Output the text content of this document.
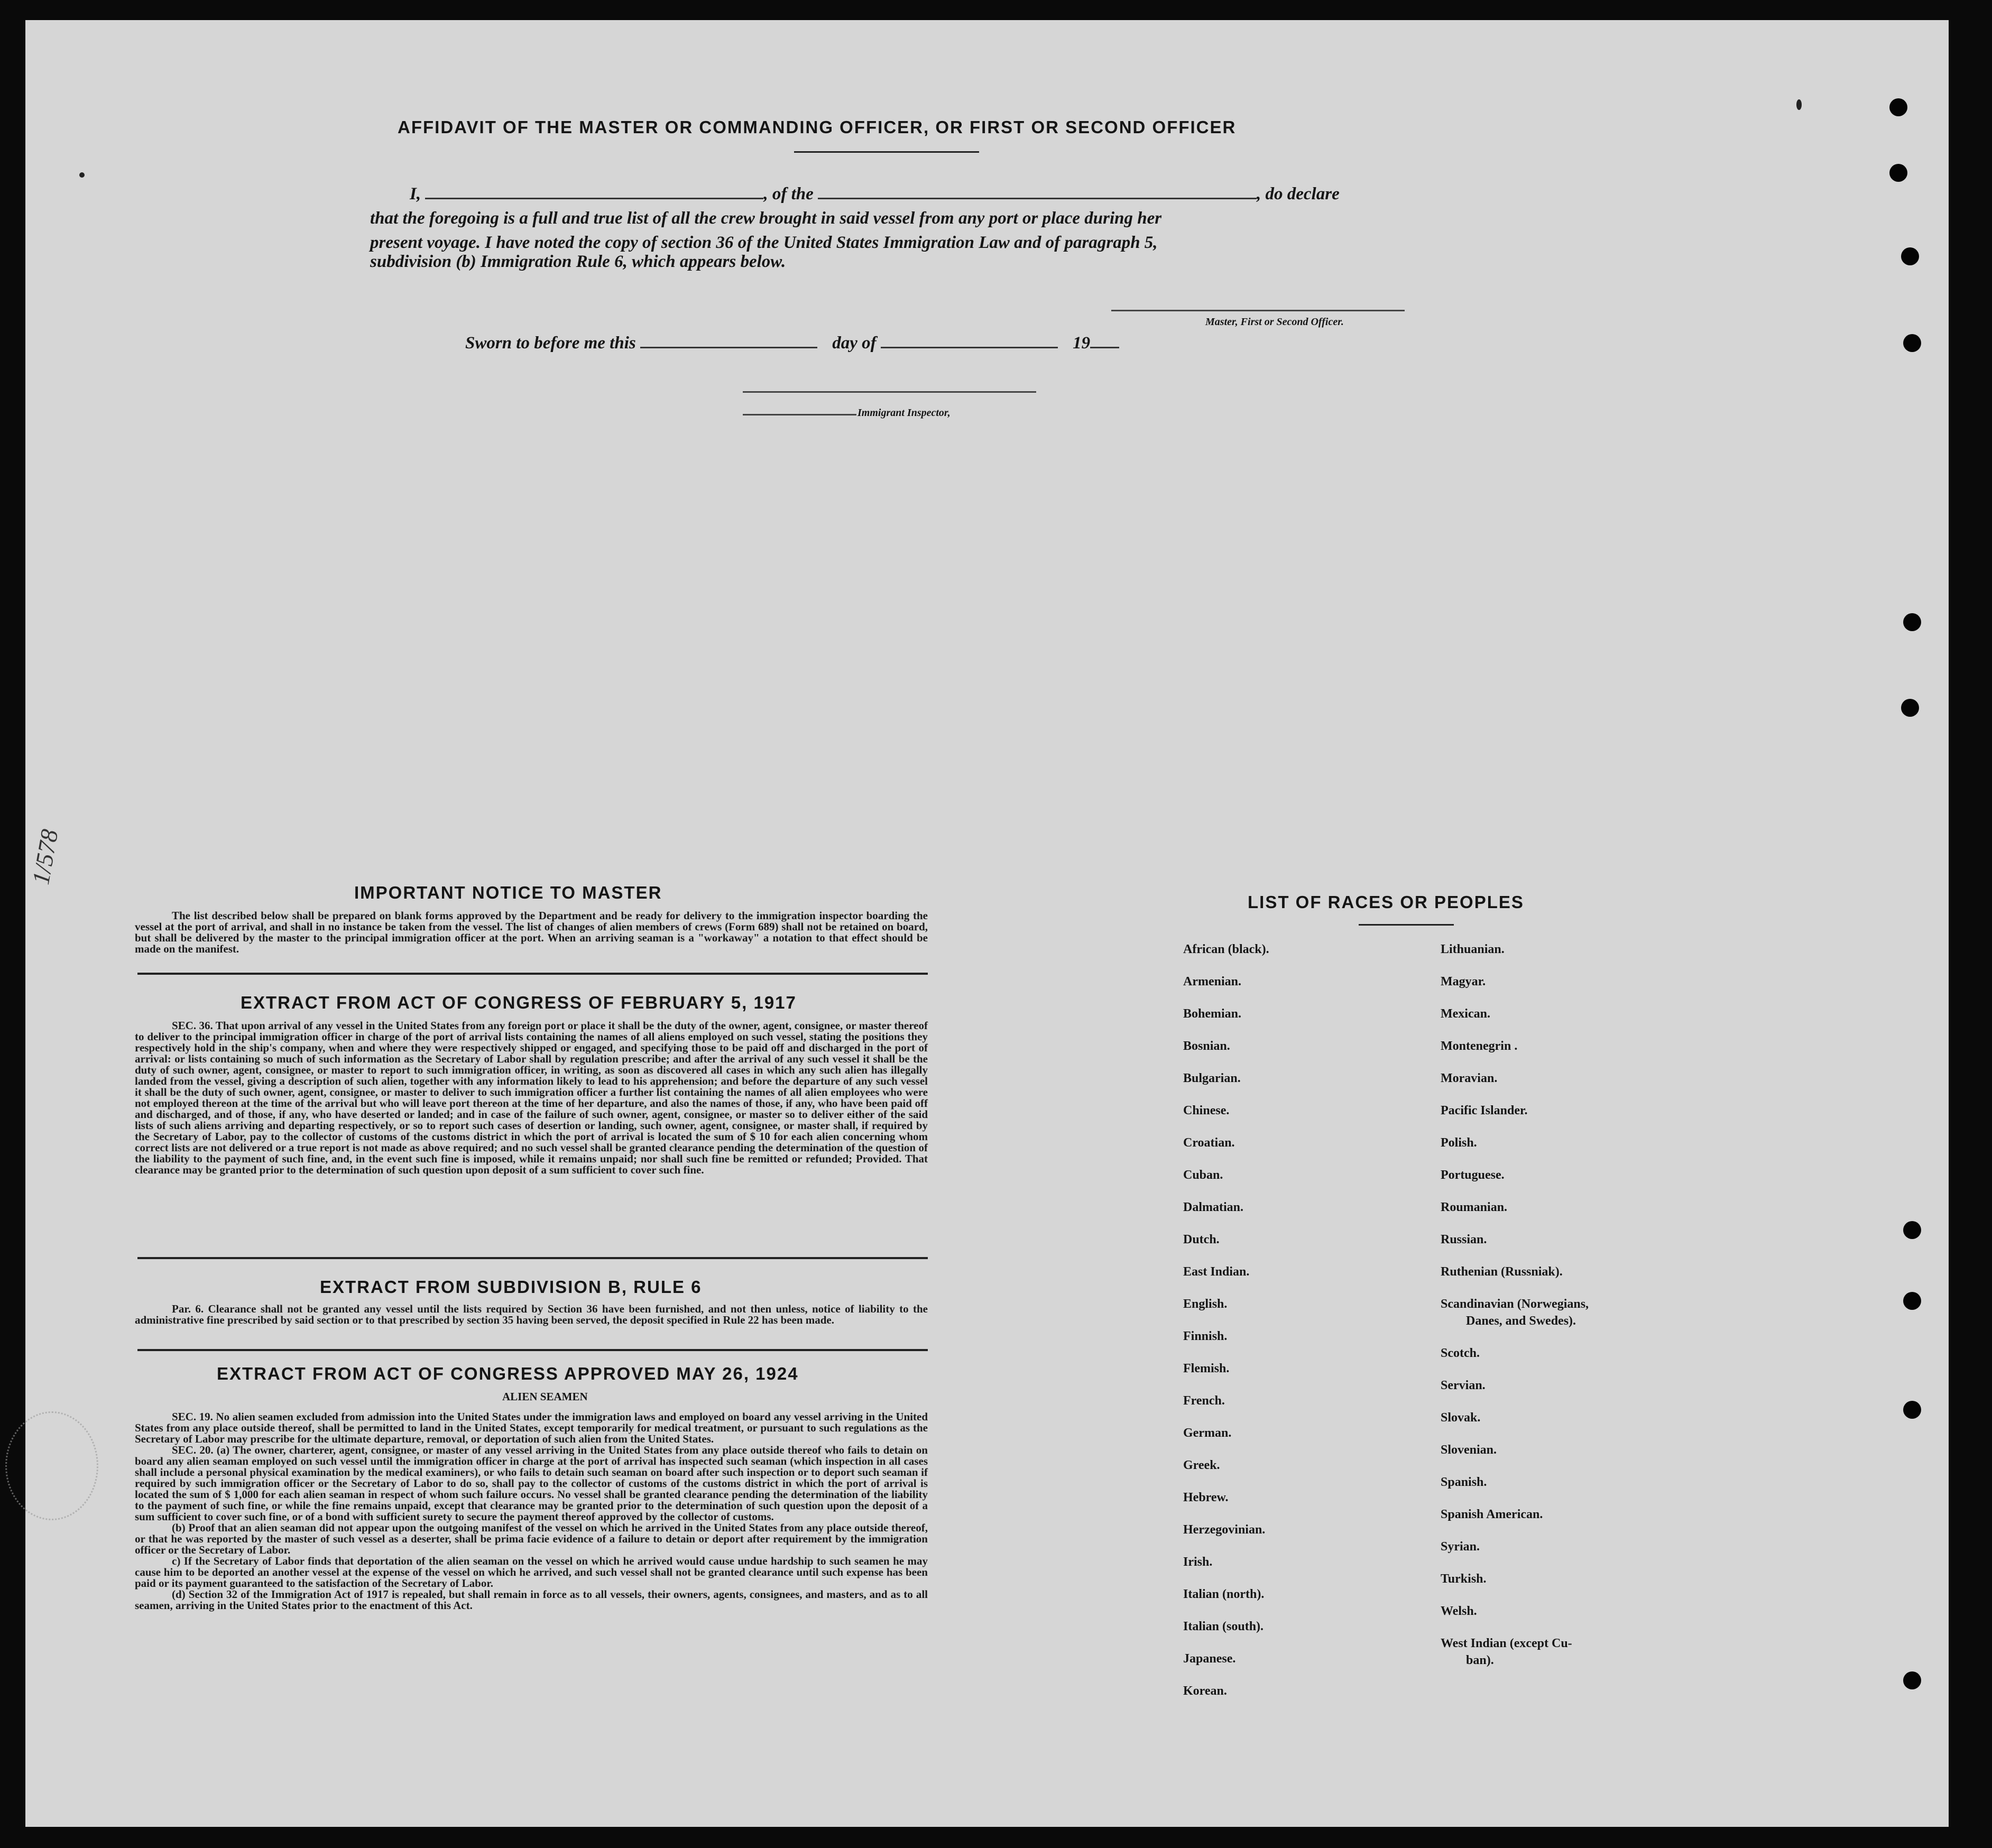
AFFIDAVIT OF THE MASTER OR COMMANDING OFFICER, OR FIRST OR SECOND OFFICER
I,	, of the	, do declare
that the foregoing is a full and true list of all the crew brought in said vessel from any port or place during her
present voyage. I have noted the copy of section 36 of the United States Immigration Law and of paragraph 5,
subdivision (b) Immigration Rule 6, which appears below.
Master, First or Second Officer.
Sworn to before me this	day of	19
Immigrant Inspector,
IMPORTANT NOTICE TO MASTER

The list described below shall be prepared on blank forms approved by the Department and be ready for delivery to the immigration inspector boarding the vessel at the port of arrival, and shall in no instance be taken from the vessel. The list of changes of alien members of crews (Form 689) shall not be retained on board, but shall be delivered by the master to the principal immigration officer at the port. When an arriving seaman is a "workaway" a notation to that effect should be made on the manifest.

EXTRACT FROM ACT OF CONGRESS OF FEBRUARY 5, 1917

SEC. 36. That upon arrival of any vessel in the United States from any foreign port or place it shall be the duty of the owner, agent, consignee, or master thereof to deliver to the principal immigration officer in charge of the port of arrival lists containing the names of all aliens employed on such vessel, stating the positions they respectively hold in the ship's company, when and where they were respectively shipped or engaged, and specifying those to be paid off and discharged in the port of arrival: or lists containing so much of such information as the Secretary of Labor shall by regulation prescribe; and after the arrival of any such vessel it shall be the duty of such owner, agent, consignee, or master to report to such immigration officer, in writing, as soon as discovered all cases in which any such alien has illegally landed from the vessel, giving a description of such alien, together with any information likely to lead to his apprehension; and before the departure of any such vessel it shall be the duty of such owner, agent, consignee, or master to deliver to such immigration officer a further list containing the names of all alien employees who were not employed thereon at the time of the arrival but who will leave port thereon at the time of her departure, and also the names of those, if any, who have been paid off and discharged, and of those, if any, who have deserted or landed; and in case of the failure of such owner, agent, consignee, or master so to deliver either of the said lists of such aliens arriving and departing respectively, or so to report such cases of desertion or landing, such owner, agent, consignee, or master shall, if required by the Secretary of Labor, pay to the collector of customs of the customs district in which the port of arrival is located the sum of $ 10 for each alien concerning whom correct lists are not delivered or a true report is not made as above required; and no such vessel shall be granted clearance pending the determination of the question of the liability to the payment of such fine, and, in the event such fine is imposed, while it remains unpaid; nor shall such fine be remitted or refunded; Provided. That clearance may be granted prior to the determination of such question upon deposit of a sum sufficient to cover such fine.

EXTRACT FROM SUBDIVISION B, RULE 6

Par. 6. Clearance shall not be granted any vessel until the lists required by Section 36 have been furnished, and not then unless, notice of liability to the administrative fine prescribed by said section or to that prescribed by section 35 having been served, the deposit specified in Rule 22 has been made.

EXTRACT FROM ACT OF CONGRESS APPROVED MAY 26, 1924
ALIEN SEAMEN

SEC. 19. No alien seamen excluded from admission into the United States under the immigration laws and employed on board any vessel arriving in the United States from any place outside thereof, shall be permitted to land in the United States, except temporarily for medical treatment, or pursuant to such regulations as the Secretary of Labor may prescribe for the ultimate departure, removal, or deportation of such alien from the United States.

SEC. 20. (a) The owner, charterer, agent, consignee, or master of any vessel arriving in the United States from any place outside thereof who fails to detain on board any alien seaman employed on such vessel until the immigration officer in charge at the port of arrival has inspected such seaman (which inspection in all cases shall include a personal physical examination by the medical examiners), or who fails to detain such seaman on board after such inspection or to deport such seaman if required by such immigration officer or the Secretary of Labor to do so, shall pay to the collector of customs of the customs district in which the port of arrival is located the sum of $ 1,000 for each alien seaman in respect of whom such failure occurs. No vessel shall be granted clearance pending the determination of the liability to the payment of such fine, or while the fine remains unpaid, except that clearance may be granted prior to the determination of such question upon the deposit of a sum sufficient to cover such fine, or of a bond with sufficient surety to secure the payment thereof approved by the collector of customs.

(b) Proof that an alien seaman did not appear upon the outgoing manifest of the vessel on which he arrived in the United States from any place outside thereof, or that he was reported by the master of such vessel as a deserter, shall be prima facie evidence of a failure to detain or deport after requirement by the immigration officer or the Secretary of Labor.

c) If the Secretary of Labor finds that deportation of the alien seaman on the vessel on which he arrived would cause undue hardship to such seamen he may cause him to be deported an another vessel at the expense of the vessel on which he arrived, and such vessel shall not be granted clearance until such expense has been paid or its payment guaranteed to the satisfaction of the Secretary of Labor.

(d) Section 32 of the Immigration Act of 1917 is repealed, but shall remain in force as to all vessels, their owners, agents, consignees, and masters, and as to all seamen, arriving in the United States prior to the enactment of this Act.

LIST OF RACES OR PEOPLES
African (black).
Armenian.
Bohemian.
Bosnian.
Bulgarian.
Chinese.
Croatian.
Cuban.
Dalmatian.
Dutch.
East Indian.
English.
Finnish.
Flemish.
French.
German.
Greek.
Hebrew.
Herzegovinian.
Irish.
Italian (north).
Italian (south).
Japanese.
Korean.
Lithuanian.
Magyar.
Mexican.
Montenegrin .
Moravian.
Pacific Islander.
Polish.
Portuguese.
Roumanian.
Russian.
Ruthenian (Russniak).
Scandinavian (Norwegians,
Danes, and Swedes).
Scotch.
Servian.
Slovak.
Slovenian.
Spanish.
Spanish American.
Syrian.
Turkish.
Welsh.
West Indian (except Cu-
ban).
1/578
